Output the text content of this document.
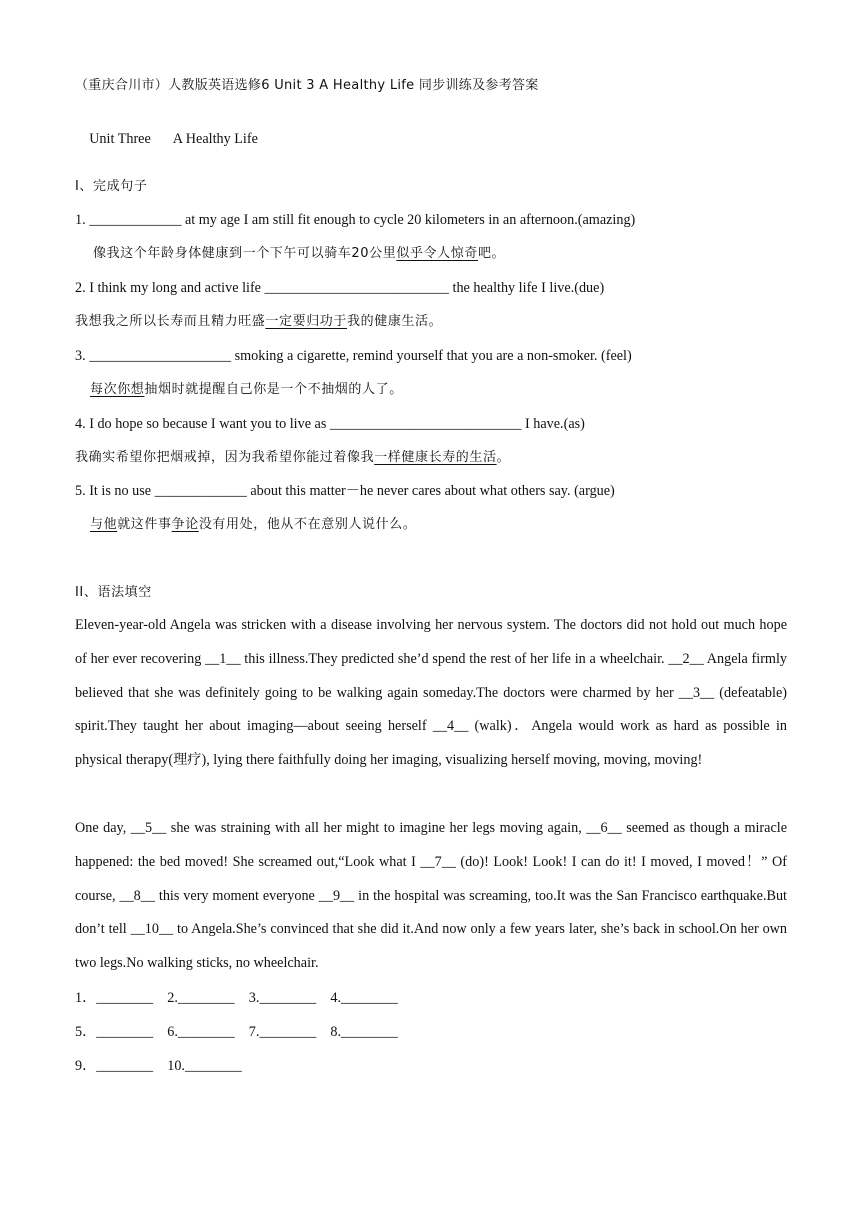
（重庆合川市）人教版英语选修6 Unit 3 A Healthy Life 同步训练及参考答案

Unit Three A Healthy Life

I、完成句子
1. _____________ at my age I am still fit enough to cycle 20 kilometers in an afternoon.(amazing)
像我这个年龄身体健康到一个下午可以骑车20公里似乎令人惊奇吧。
2. I think my long and active life __________________________ the healthy life I live.(due)
我想我之所以长寿而且精力旺盛一定要归功于我的健康生活。
3. ____________________ smoking a cigarette, remind yourself that you are a non-smoker. (feel)
每次你想抽烟时就提醒自己你是一个不抽烟的人了。
4. I do hope so because I want you to live as ___________________________ I have.(as)
我确实希望你把烟戒掉，因为我希望你能过着像我一样健康长寿的生活。
5. It is no use _____________ about this matter－he never cares about what others say. (argue)
与他就这件事争论没有用处，他从不在意别人说什么。
II、语法填空
Eleven-year-old Angela was stricken with a disease involving her nervous system. The doctors did not hold out much hope of her ever recovering __1__ this illness.They predicted she’d spend the rest of her life in a wheelchair. __2__ Angela firmly believed that she was definitely going to be walking again someday.The doctors were charmed by her __3__ (defeatable) spirit.They taught her about imaging—about seeing herself __4__ (walk)．Angela would work as hard as possible in physical therapy(理疗), lying there faithfully doing her imaging, visualizing herself moving, moving, moving!
One day, __5__ she was straining with all her might to imagine her legs moving again, __6__ seemed as though a miracle happened: the bed moved! She screamed out,“Look what I __7__ (do)! Look! Look! I can do it! I moved, I moved！” Of course, __8__ this very moment everyone __9__ in the hospital was screaming, too.It was the San Francisco earthquake.But don’t tell __10__ to Angela.She’s convinced that she did it.And now only a few years later, she’s back in school.On her own two legs.No walking sticks, no wheelchair.
1．________    2.________    3.________    4.________
5．________    6.________    7.________    8.________
9．________    10.________
